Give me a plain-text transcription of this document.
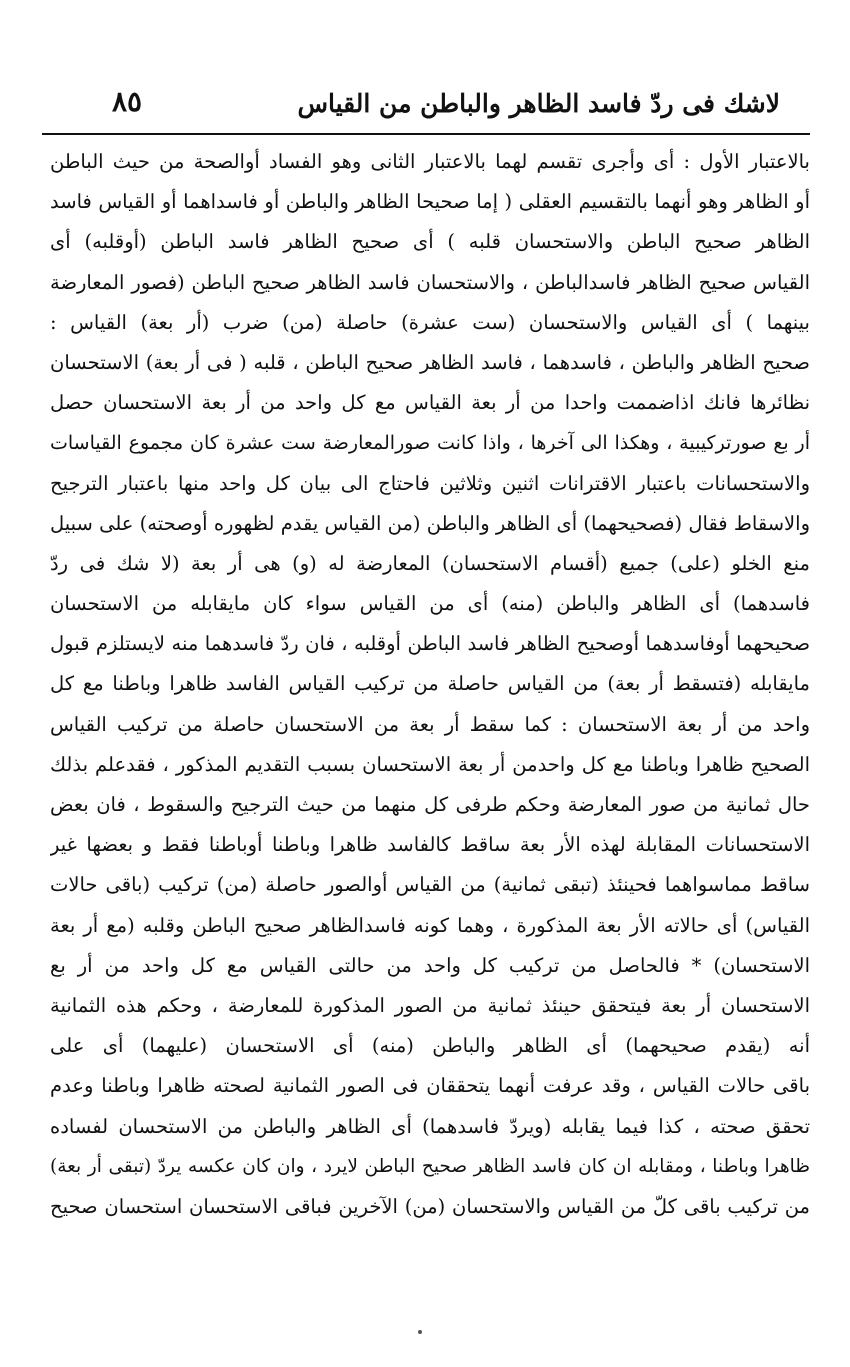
لاشك فى ردّ فاسد الظاهر والباطن من القياس
٨٥
بالاعتبار الأول : أى وأجرى تقسم لهما بالاعتبار الثانى وهو الفساد أوالصحة من حيث الباطن
أو الظاهر وهو أنهما بالتقسيم العقلى ( إما صحيحا الظاهر والباطن أو فاسداهما أو القياس فاسد
الظاهر صحيح الباطن والاستحسان قلبه ) أى صحيح الظاهر فاسد الباطن (أوقلبه) أى
القياس صحيح الظاهر فاسدالباطن ، والاستحسان فاسد الظاهر صحيح الباطن (فصور المعارضة
بينهما ) أى القياس والاستحسان (ست عشرة) حاصلة (من) ضرب (أر بعة) القياس :
صحيح الظاهر والباطن ، فاسدهما ، فاسد الظاهر صحيح الباطن ، قلبه ( فى أر بعة) الاستحسان
نظائرها فانك اذاضممت واحدا من أر بعة القياس مع كل واحد من أر بعة الاستحسان حصل
أر بع صورتركيبية ، وهكذا الى آخرها ، واذا كانت صورالمعارضة ست عشرة كان مجموع القياسات
والاستحسانات باعتبار الاقترانات اثنين وثلاثين فاحتاج الى بيان كل واحد منها باعتبار الترجيح
والاسقاط فقال (فصحيحهما) أى الظاهر والباطن (من القياس يقدم لظهوره أوصحته) على سبيل
منع الخلو (على) جميع (أقسام الاستحسان) المعارضة له (و) هى أر بعة (لا شك فى ردّ
فاسدهما) أى الظاهر والباطن (منه) أى من القياس سواء كان مايقابله من الاستحسان
صحيحهما أوفاسدهما أوصحيح الظاهر فاسد الباطن أوقلبه ، فان ردّ فاسدهما منه لايستلزم قبول
مايقابله (فتسقط أر بعة) من القياس حاصلة من تركيب القياس الفاسد ظاهرا وباطنا مع كل
واحد من أر بعة الاستحسان : كما سقط أر بعة من الاستحسان حاصلة من تركيب القياس
الصحيح ظاهرا وباطنا مع كل واحدمن أر بعة الاستحسان بسبب التقديم المذكور ، فقدعلم بذلك
حال ثمانية من صور المعارضة وحكم طرفى كل منهما من حيث الترجيح والسقوط ، فان بعض
الاستحسانات المقابلة لهذه الأر بعة ساقط كالفاسد ظاهرا وباطنا أوباطنا فقط و بعضها غير
ساقط مماسواهما فحينئذ (تبقى ثمانية) من القياس أوالصور حاصلة (من) تركيب (باقى حالات
القياس) أى حالاته الأر بعة المذكورة ، وهما كونه فاسدالظاهر صحيح الباطن وقلبه (مع أر بعة
الاستحسان) * فالحاصل من تركيب كل واحد من حالتى القياس مع كل واحد من أر بع
الاستحسان أر بعة فيتحقق حينئذ ثمانية من الصور المذكورة للمعارضة ، وحكم هذه الثمانية
أنه (يقدم صحيحهما) أى الظاهر والباطن (منه) أى الاستحسان (عليهما) أى على
باقى حالات القياس ، وقد عرفت أنهما يتحققان فى الصور الثمانية لصحته ظاهرا وباطنا وعدم
تحقق صحته ، كذا فيما يقابله (ويردّ فاسدهما) أى الظاهر والباطن من الاستحسان لفساده
ظاهرا وباطنا ، ومقابله ان كان فاسد الظاهر صحيح الباطن لايرد ، وان كان عكسه يردّ (تبقى أر بعة)
من تركيب باقى كلّ من القياس والاستحسان (من) الآخرين فباقى الاستحسان استحسان صحيح
